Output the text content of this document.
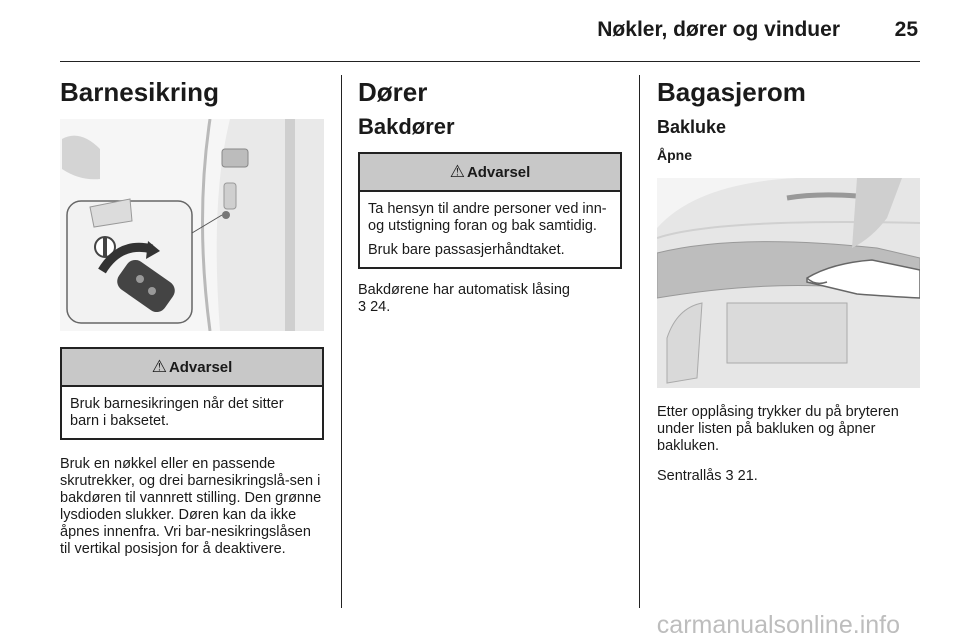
Nøkler, dører og vinduer	25
Barnesikring
⚠ Advarsel

Bruk barnesikringen når det sitter barn i baksetet.

Bruk en nøkkel eller en passende skrutrekker, og drei barnesikringslå-sen i bakdøren til vannrett stilling. Den grønne lysdioden slukker. Døren kan da ikke åpnes innenfra. Vri bar-nesikringslåsen til vertikal posisjon for å deaktivere.

Dører
Bakdører
⚠ Advarsel

Ta hensyn til andre personer ved inn- og utstigning foran og bak samtidig.

Bruk bare passasjerhåndtaket.

Bakdørene har automatisk låsing
3 24.

Bagasjerom
Bakluke
Åpne

Etter opplåsing trykker du på bryteren under listen på bakluken og åpner bakluken.

Sentrallås 3 21.

carmanualsonline.info
